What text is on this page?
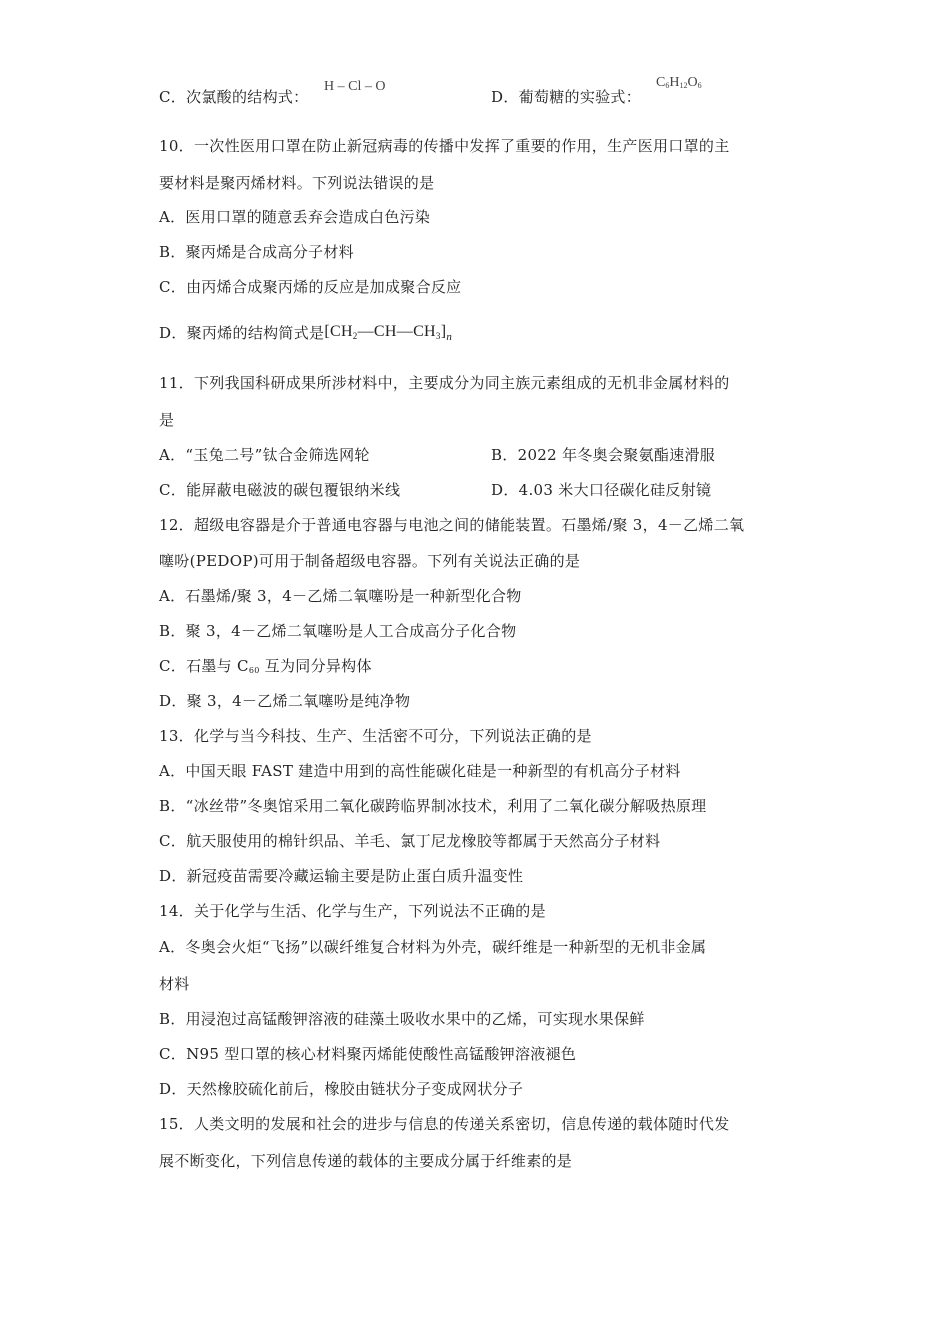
C．次氯酸的结构式：
H – Cl – O
D．葡萄糖的实验式：
$C_6H_{12}O_6$
10．一次性医用口罩在防止新冠病毒的传播中发挥了重要的作用，生产医用口罩的主
要材料是聚丙烯材料。下列说法错误的是
A．医用口罩的随意丢弃会造成白色污染
B．聚丙烯是合成高分子材料
C．由丙烯合成聚丙烯的反应是加成聚合反应
D．聚丙烯的结构简式是$[CH_2—CH—CH_3]_n$
11．下列我国科研成果所涉材料中，主要成分为同主族元素组成的无机非金属材料的
是
A．“玉兔二号”钛合金筛选网轮	B．2022 年冬奥会聚氨酯速滑服
C．能屏蔽电磁波的碳包覆银纳米线	D．4.03 米大口径碳化硅反射镜
12．超级电容器是介于普通电容器与电池之间的储能装置。石墨烯/聚 3，4－乙烯二氧
噻吩(PEDOP)可用于制备超级电容器。下列有关说法正确的是
A．石墨烯/聚 3，4－乙烯二氧噻吩是一种新型化合物
B．聚 3，4－乙烯二氧噻吩是人工合成高分子化合物
C．石墨与 $C_{60}$ 互为同分异构体
D．聚 3，4－乙烯二氧噻吩是纯净物
13．化学与当今科技、生产、生活密不可分，下列说法正确的是
A．中国天眼 FAST 建造中用到的高性能碳化硅是一种新型的有机高分子材料
B．“冰丝带”冬奥馆采用二氧化碳跨临界制冰技术，利用了二氧化碳分解吸热原理
C．航天服使用的棉针织品、羊毛、氯丁尼龙橡胶等都属于天然高分子材料
D．新冠疫苗需要冷藏运输主要是防止蛋白质升温变性
14．关于化学与生活、化学与生产，下列说法不正确的是
A．冬奥会火炬“飞扬”以碳纤维复合材料为外壳，碳纤维是一种新型的无机非金属
材料
B．用浸泡过高锰酸钾溶液的硅藻土吸收水果中的乙烯，可实现水果保鲜
C．N95 型口罩的核心材料聚丙烯能使酸性高锰酸钾溶液褪色
D．天然橡胶硫化前后，橡胶由链状分子变成网状分子
15．人类文明的发展和社会的进步与信息的传递关系密切，信息传递的载体随时代发
展不断变化，下列信息传递的载体的主要成分属于纤维素的是
